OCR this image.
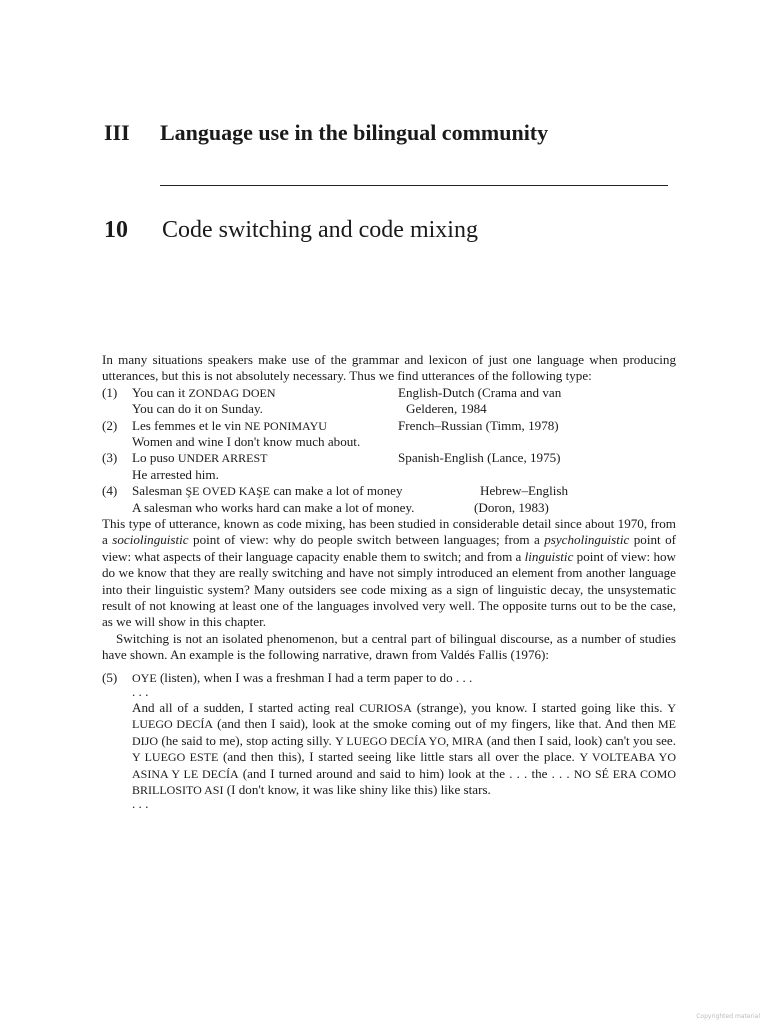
III	Language use in the bilingual community
10	Code switching and code mixing

In many situations speakers make use of the grammar and lexicon of just one language when producing utterances, but this is not absolutely necessary. Thus we find utterances of the following type:

(1)	You can it ZONDAG DOEN
You can do it on Sunday.
English-Dutch (Crama and van
Gelderen, 1984
(2)	Les femmes et le vin NE PONIMAYU
Women and wine I don't know much about.
French–Russian (Timm, 1978)
(3)	Lo puso UNDER ARREST
He arrested him.
Spanish-English (Lance, 1975)
(4)	Salesman ŞE OVED KAŞE can make a lot of money
A salesman who works hard can make a lot of money.
Hebrew–English
(Doron, 1983)

This type of utterance, known as code mixing, has been studied in considerable detail since about 1970, from a sociolinguistic point of view: why do people switch between languages; from a psycholinguistic point of view: what aspects of their language capacity enable them to switch; and from a linguistic point of view: how do we know that they are really switching and have not simply introduced an element from another language into their linguistic system? Many outsiders see code mixing as a sign of linguistic decay, the unsystematic result of not knowing at least one of the languages involved very well. The opposite turns out to be the case, as we will show in this chapter.

Switching is not an isolated phenomenon, but a central part of bilingual discourse, as a number of studies have shown. An example is the following narrative, drawn from Valdés Fallis (1976):

(5) OYE (listen), when I was a freshman I had a term paper to do . . .
. . .

And all of a sudden, I started acting real CURIOSA (strange), you know. I started going like this. Y LUEGO DECÍA (and then I said), look at the smoke coming out of my fingers, like that. And then ME DIJO (he said to me), stop acting silly. Y LUEGO DECÍA YO, MIRA (and then I said, look) can't you see. Y LUEGO ESTE (and then this), I started seeing like little stars all over the place. Y VOLTEABA YO ASINA Y LE DECÍA (and I turned around and said to him) look at the . . . the . . . NO SÉ ERA COMO BRILLOSITO ASI (I don't know, it was like shiny like this) like stars.

. . .
Copyrighted material
